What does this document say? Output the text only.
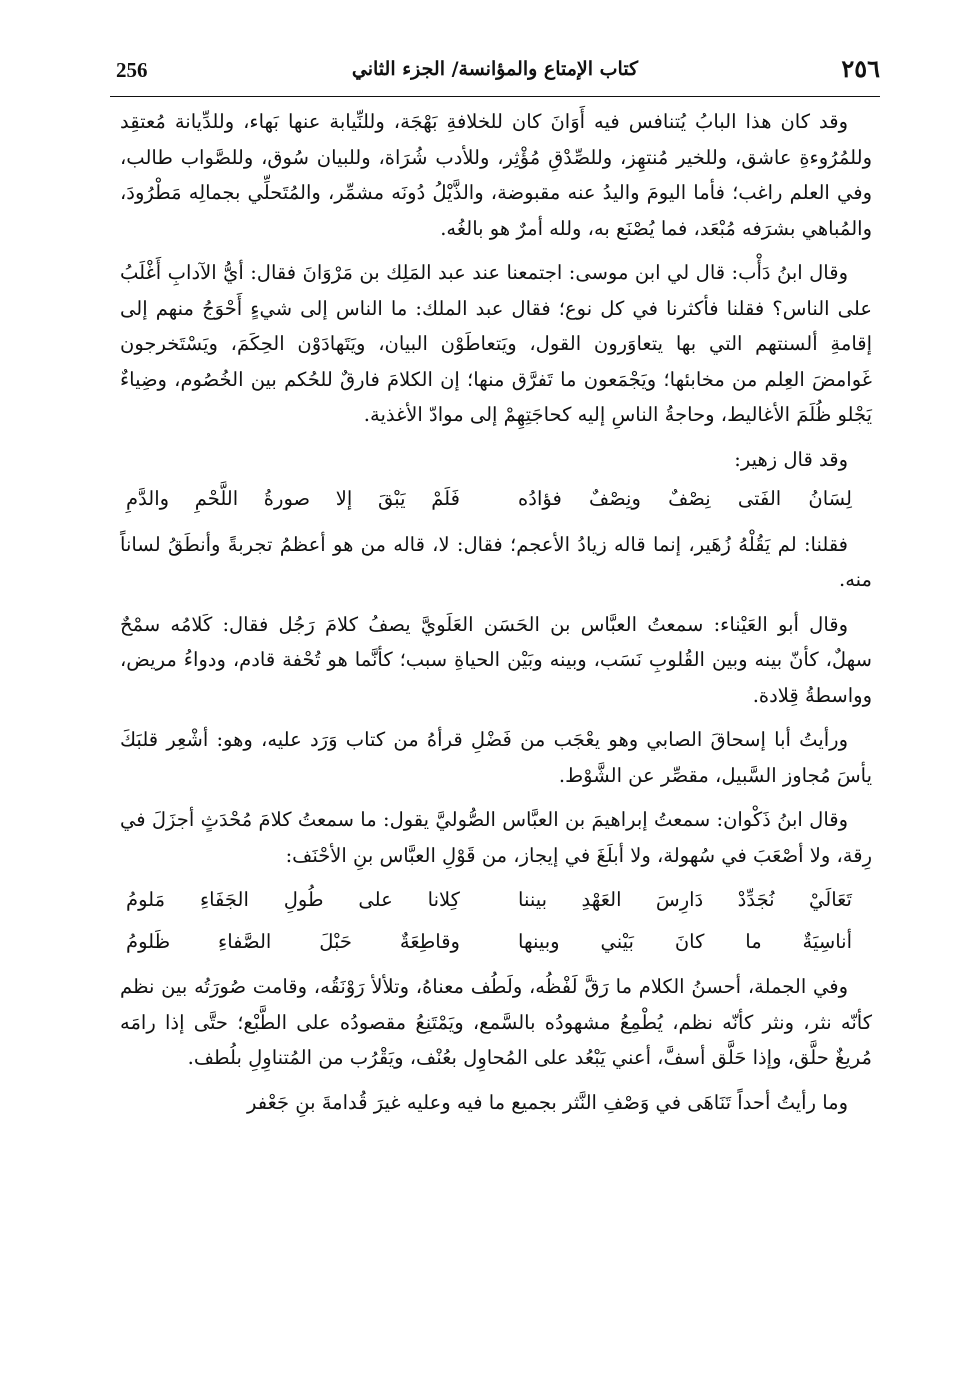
256	كتاب الإمتاع والمؤانسة/ الجزء الثاني	٢٥٦

وقد كان هذا البابُ يُتنافس فيه أَوَانَ كان للخلافةِ بَهْجَة، وللنِّيابة عنها بَهاء، وللدِّيانة مُعتقِد وللمُرُوءةِ عاشق، وللخير مُنتهِز، وللصِّدْقِ مُؤْثِر، وللأدب شُرَاة، وللبيان سُوق، وللصَّواب طالب، وفي العلم راغب؛ فأما اليومَ واليدُ عنه مقبوضة، والذَّيْلُ دُونَه مشمِّر، والمُتَحلِّي بجمالِه مَطْرُودَ، والمُباهي بشرَفه مُبْعَد، فما يُصْنَع به، ولله أمرٌ هو بالغُه.

وقال ابنُ دَأْب: قال لي ابن موسى: اجتمعنا عند عبد المَلِك بن مَرْوَانَ فقال: أيُّ الآدابِ أَغْلَبُ على الناس؟ فقلنا فأكثرنا في كل نوع؛ فقال عبد الملك: ما الناس إلى شيءٍ أَحْوَجُ منهم إلى إقامةِ ألسنتهم التي بها يتعاوَرون القول، ويَتعاطَوْن البيان، ويَتَهادَوْن الحِكَمَ، ويَسْتَخرجون غَوامضَ العِلم من مخابئها؛ ويَجْمَعون ما تَفرَّق منها؛ إن الكلامَ فارقٌ للحُكم بين الخُصُوم، وضِياءٌ يَجْلو ظُلَمَ الأغاليط، وحاجةُ الناسِ إليه كحاجَتِهِمْ إلى موادّ الأغذية.

وقد قال زهير:

لِسَانُ الفَتى نِصْفٌ ونِصْفٌ فؤادُه
فَلَمْ يَبْقَ إلا صورةُ اللَّحْمِ والدَّمِ

فقلنا: لم يَقُلْهُ زُهَير، إنما قاله زيادُ الأعجم؛ فقال: لا، قاله من هو أعظمُ تجربةً وأنطَقُ لساناً منه.

وقال أبو العَيْناء: سمعتُ العبَّاس بن الحَسَن العَلَويَّ يصفُ كلامَ رَجُل فقال: كَلامُه سمْحٌ سهلٌ، كأنّ بينه وبين القُلوبِ نَسَب، وبينه وبَيْن الحياةِ سبب؛ كأنَّما هو تُحْفة قادم، ودواءُ مريض، وواسطةُ قِلادة.

ورأيتُ أبا إسحاقَ الصابي وهو يعْجَب من فَضْلِ قرأهُ من كتاب وَرَد عليه، وهو: أشْعِر قلبَكَ يأسَ مُجاوز السَّبيل، مقصِّر عن الشَّوْط.

وقال ابنُ ذَكْوان: سمعتُ إبراهيمَ بن العبَّاس الصُّوليَّ يقول: ما سمعتُ كلامَ مُحْدَثٍ أجزَلَ في رِقة، ولا أصْعَبَ في سُهولة، ولا أبلَغَ في إيجاز، من قَوْلِ العبَّاس بنِ الأحْنَف:

تَعَالَيْ نُجَدِّدْ دَارِسَ العَهْدِ بيننا
كِلانا على طُولِ الجَفَاءِ مَلومُ
أناسِيَةٌ ما كانَ بَيْني وبينها
وقاطِعَةٌ حَبْلَ الصَّفاءِ ظَلومُ

وفي الجملة، أحسنُ الكلام ما رَقَّ لَفْظُه، ولَطُف معناهُ، وتلألأ رَوْنَقُه، وقامت صُورَتُه بين نظم كأنّه نثر، ونثر كأنّه نظم، يُطْمِعُ مشهودُه بالسَّمع، ويَمْتَنِعُ مقصودُه على الطَّبْع؛ حتَّى إذا رامَه مُريغٌ حلَّق، وإذا حَلَّق أسفَّ، أعني يَبْعُد على المُحاوِل بعُنْف، ويَقْرُب من المُتناوِلِ بلُطف.

وما رأيتُ أحداً تَنَاهَى في وَصْفِ النَّثر بجميع ما فيه وعليه غيرَ قُدامةَ بنِ جَعْفر
